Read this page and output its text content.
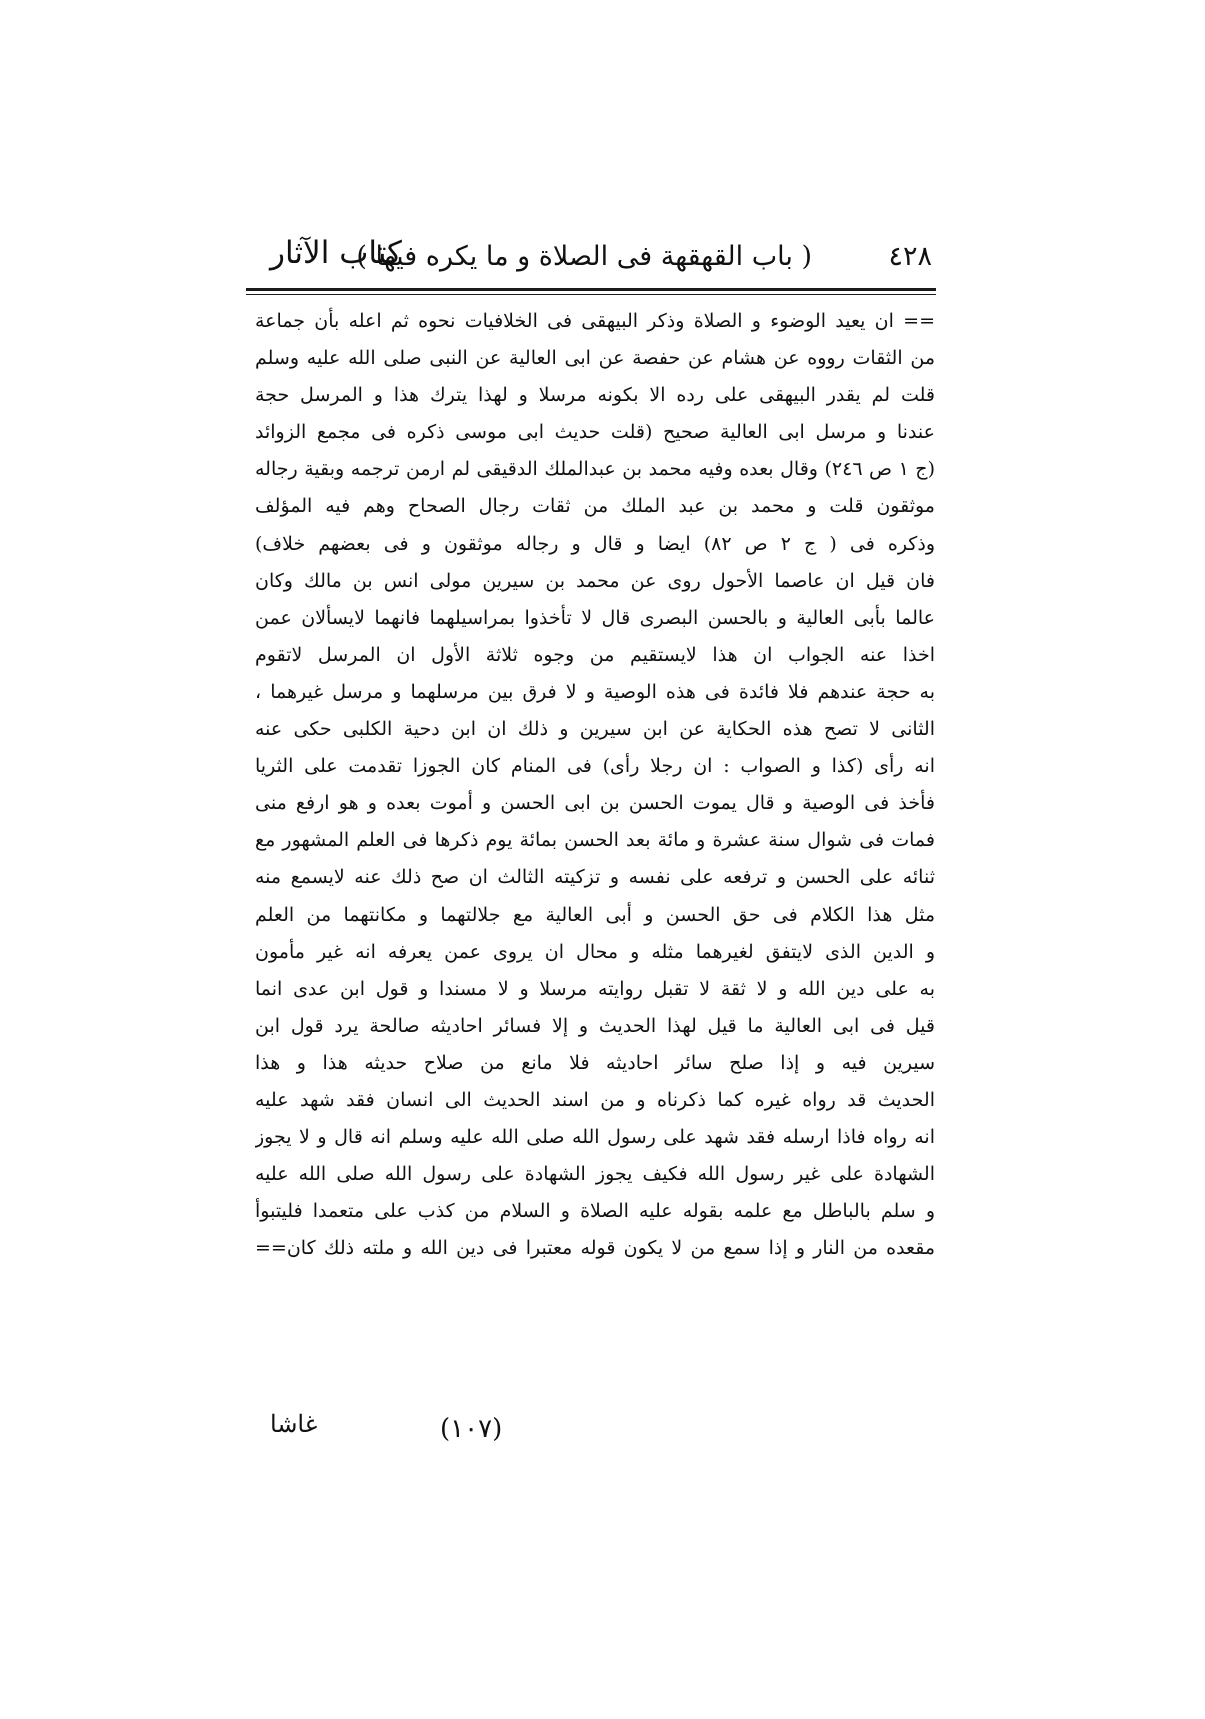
٤٢٨
( باب القهقهة فى الصلاة و ما يكره فيها )
كتاب الآثار
== ان يعيد الوضوء و الصلاة وذكر البيهقى فى الخلافيات نحوه ثم اعله بأن جماعة
من الثقات رووه عن هشام عن حفصة عن ابى العالية عن النبى صلى الله عليه وسلم
قلت لم يقدر البيهقى على رده الا بكونه مرسلا و لهذا يترك هذا و المرسل حجة
عندنا و مرسل ابى العالية صحيح (قلت حديث ابى موسى ذكره فى مجمع الزوائد
(ج ١ ص ٢٤٦) وقال بعده وفيه محمد بن عبدالملك الدقيقى لم ارمن ترجمه وبقية رجاله
موثقون قلت و محمد بن عبد الملك من ثقات رجال الصحاح وهم فيه المؤلف
وذكره فى ( ج ٢ ص ٨٢) ايضا و قال و رجاله موثقون و فى بعضهم خلاف)
فان قيل ان عاصما الأحول روى عن محمد بن سيرين مولى انس بن مالك وكان
عالما بأبى العالية و بالحسن البصرى قال لا تأخذوا بمراسيلهما فانهما لايسألان عمن
اخذا عنه الجواب ان هذا لايستقيم من وجوه ثلاثة الأول ان المرسل لاتقوم
به حجة عندهم فلا فائدة فى هذه الوصية و لا فرق بين مرسلهما و مرسل غيرهما ،
الثانى لا تصح هذه الحكاية عن ابن سيرين و ذلك ان ابن دحية الكلبى حكى عنه
انه رأى (كذا و الصواب : ان رجلا رأى) فى المنام كان الجوزا تقدمت على الثريا
فأخذ فى الوصية و قال يموت الحسن بن ابى الحسن و أموت بعده و هو ارفع منى
فمات فى شوال سنة عشرة و مائة بعد الحسن بمائة يوم ذكرها فى العلم المشهور مع
ثنائه على الحسن و ترفعه على نفسه و تزكيته الثالث ان صح ذلك عنه لايسمع منه
مثل هذا الكلام فى حق الحسن و أبى العالية مع جلالتهما و مكانتهما من العلم
و الدين الذى لايتفق لغيرهما مثله و محال ان يروى عمن يعرفه انه غير مأمون
به على دين الله و لا ثقة لا تقبل روايته مرسلا و لا مسندا و قول ابن عدى انما
قيل فى ابى العالية ما قيل لهذا الحديث و إلا فسائر احاديثه صالحة يرد قول ابن
سيرين فيه و إذا صلح سائر احاديثه فلا مانع من صلاح حديثه هذا و هذا
الحديث قد رواه غيره كما ذكرناه و من اسند الحديث الى انسان فقد شهد عليه
انه رواه فاذا ارسله فقد شهد على رسول الله صلى الله عليه وسلم انه قال و لا يجوز
الشهادة على غير رسول الله فكيف يجوز الشهادة على رسول الله صلى الله عليه
و سلم بالباطل مع علمه بقوله عليه الصلاة و السلام من كذب على متعمدا فليتبوأ
مقعده من النار و إذا سمع من لا يكون قوله معتبرا فى دين الله و ملته ذلك كان==
(١٠٧)
غاشا
